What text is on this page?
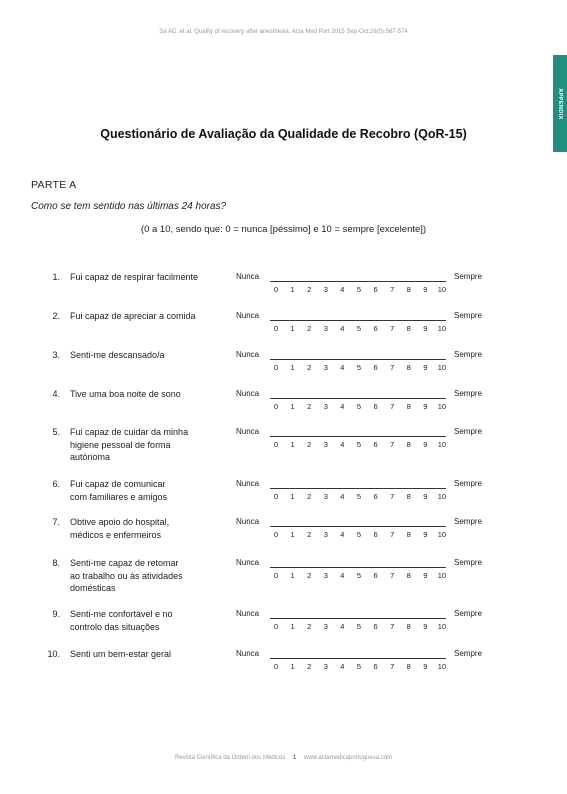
Sá AC, et al. Quality of recovery after anesthesia. Acta Med Port 2015 Sep-Oct;28(5):567-574
APPENDIX
Questionário de Avaliação da Qualidade de Recobro (QoR-15)
PARTE A
Como se tem sentido nas últimas 24 horas?
(0 a 10, sendo que: 0 = nunca [péssimo] e 10 = sempre [excelente])
1. Fui capaz de respirar facilmente	Nunca	Sempre
0	1	2	3	4	5	6	7	8	9	10
2. Fui capaz de apreciar a comida	Nunca	Sempre
0	1	2	3	4	5	6	7	8	9	10
3. Senti-me descansado/a	Nunca	Sempre
0	1	2	3	4	5	6	7	8	9	10
4. Tive uma boa noite de sono	Nunca	Sempre
0	1	2	3	4	5	6	7	8	9	10
5. Fui capaz de cuidar da minha
higiene pessoal de forma
autónoma
Nunca	Sempre
0	1	2	3	4	5	6	7	8	9	10
6. Fui capaz de comunicar
com familiares e amigos
Nunca	Sempre
0	1	2	3	4	5	6	7	8	9	10
7. Obtive apoio do hospital,
médicos e enfermeiros
Nunca	Sempre
0	1	2	3	4	5	6	7	8	9	10
8. Senti-me capaz de retomar
ao trabalho ou às atividades
domésticas
Nunca	Sempre
0	1	2	3	4	5	6	7	8	9	10
9. Senti-me confortável e no
controlo das situações
Nunca	Sempre
0	1	2	3	4	5	6	7	8	9	10
10. Senti um bem-estar geral	Nunca	Sempre
0	1	2	3	4	5	6	7	8	9	10
Revista Científica da Ordem dos Médicos 1 www.actamedicaportuguesa.com
